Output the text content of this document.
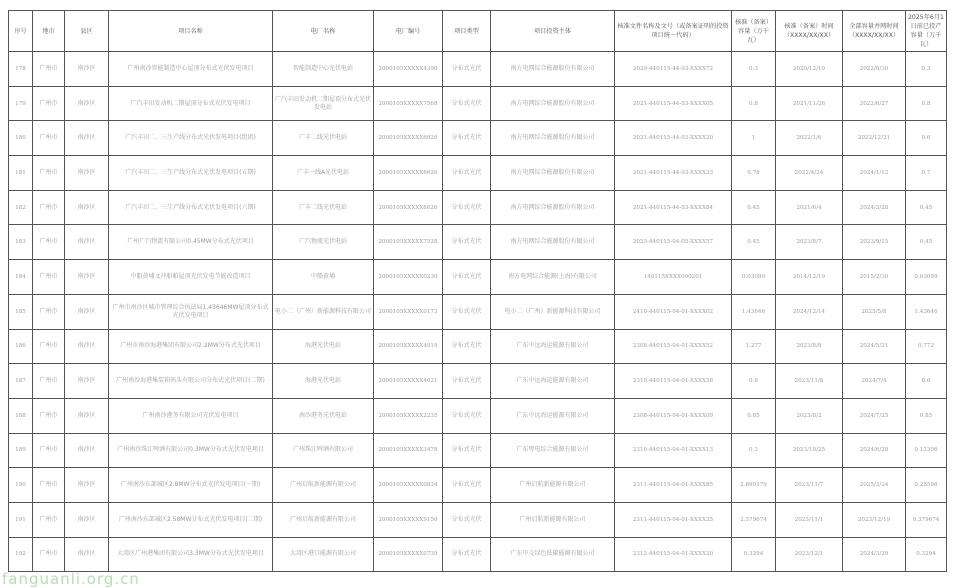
序号	地市	县区	项目名称	电厂名称	电厂编号	项目类型	项目投资主体	核准文件名称及文号（或备案证明的投资项目统一代码）	核准（备案）容量（万千瓦）	核准（备案）时间（XXXX/XX/XX）	全部容量并网时间（XXXX/XX/XX）	2025年6月1日前已投产容量（万千瓦）
178	广州市	南沙区	广州南沙智能制造中心屋顶分布式光伏发电项目	智能制造中心光伏电站	2000105XXXXX4398	分布式光伏	南方电网综合能源股份有限公司	2020-440115-44-03-XXXX72	0.3	2020/12/10	2022/6/30	0.3
179	广州市	南沙区	广汽丰田发动机二期屋顶分布式光伏发电项目	广汽丰田发动机二期屋顶分布式光伏发电站	2000105XXXXX7568	分布式光伏	南方电网综合能源股份有限公司	2021-440115-44-03-XXXX05	0.8	2021/11/26	2022/6/27	0.8
180	广州市	南沙区	广汽丰田二、三生产线分布式光伏发电项目(组团)	广丰二线光伏电站	2000105XXXXX6626	分布式光伏	南方电网综合能源股份有限公司	2021-440115-44-03-XXXX20	1	2022/1/6	2022/12/21	0.6
181	广州市	南沙区	广汽丰田二、三生产线分布式光伏发电项目(五期)	广丰一线A光伏电站	2000105XXXXX6626	分布式光伏	南方电网综合能源股份有限公司	2021-440115-44-03-XXXX23	0.78	2022/4/24	2024/1/12	0.7
182	广州市	南沙区	广汽丰田二、三生产线分布式光伏发电项目(六期)	广丰二线光伏电站	2000105XXXXX6626	分布式光伏	南方电网综合能源股份有限公司	2021-440115-44-03-XXXX84	0.45	2021/6/4	2024/3/28	0.45
183	广州市	南沙区	广州广汽物流有限公司0.45MW分布式光伏项目	广汽物流光伏电站	2000105XXXXX7538	分布式光伏	南方电网综合能源股份有限公司	2023-440115-04-05-XXXX57	0.45	2023/8/7	2023/9/15	0.45
184	广州市	南沙区	中船黄埔文冲船舶屋顶光伏发电节能改造项目	中船黄埔	2000105XXXXX0230	分布式光伏	南方电网综合能源(上海)有限公司	140115XXXX000201	0.03099	2014/12/19	2015/2/30	0.03099
185	广州市	南沙区	广州市南沙区城市管理综合执法局1.43646MW屋顶分布式光伏发电项目	电小二（广州）新能源科技有限公司	2000105XXXXX0173	分布式光伏	电小二（广州）新能源科技有限公司	2410-440115-04-01-XXXX02	1.43646	2024/12/14	2025/5/8	1.43646
186	广州市	南沙区	广州市南沙海港集团有限公司2.2MW分布式光伏项目	海港光伏电站	2000105XXXXX4019	分布式光伏	广东中远海运能源有限公司	2308-440115-04-01-XXXX52	1.277	2023/8/8	2024/5/21	0.772
187	广州市	南沙区	广州南沙海港集装箱码头有限公司分布式光伏项目(二期)	海港光伏电站	2000105XXXXX4021	分布式光伏	广东中远海运能源有限公司	2310-440115-04-01-XXXX58	0.6	2023/11/8	2024/7/4	0.6
188	广州市	南沙区	广州南沙港务有限公司光伏发电项目	南沙港务光伏电站	2000105XXXXX2235	分布式光伏	广东中远海运能源有限公司	2308-440115-04-01-XXXX09	0.85	2023/8/2	2024/7/25	0.85
189	广州市	南沙区	广州南沙珠江啤酒有限公司0.3MW分布式光伏发电项目	广州珠江啤酒有限公司	2000105XXXXX3478	分布式光伏	广东粤电综合能源有限公司	2310-440115-04-01-XXXX13	0.3	2023/10/25	2024/6/28	0.12306
190	广州市	南沙区	广州南沙东部城区2.8MW分布式光伏发电项目(一期)	广州启航新能源有限公司	2000105XXXXX0834	分布式光伏	广州启航新能源有限公司	2311-440115-04-01-XXXX85	2.890379	2023/11/7	2025/3/24	0.25598
191	广州市	南沙区	广州南沙东部城区2.58MW分布式光伏发电项目(二期)	广州启航新能源有限公司	2000105XXXXX9150	分布式光伏	广州启航新能源有限公司	2311-440115-04-01-XXXX35	2.579674	2023/11/1	2023/12/19	0.379674
192	广州市	南沙区	大湾区广州港集团有限公司3.3MW分布式光伏发电项目	大湾区港口能源有限公司	2000105XXXXX0739	分布式光伏	广东中交绿色低碳能源有限公司	2312-440115-04-01-XXXX30	0.3294	2023/12/1	2024/3/29	0.3294
fanguanli.org.cn
